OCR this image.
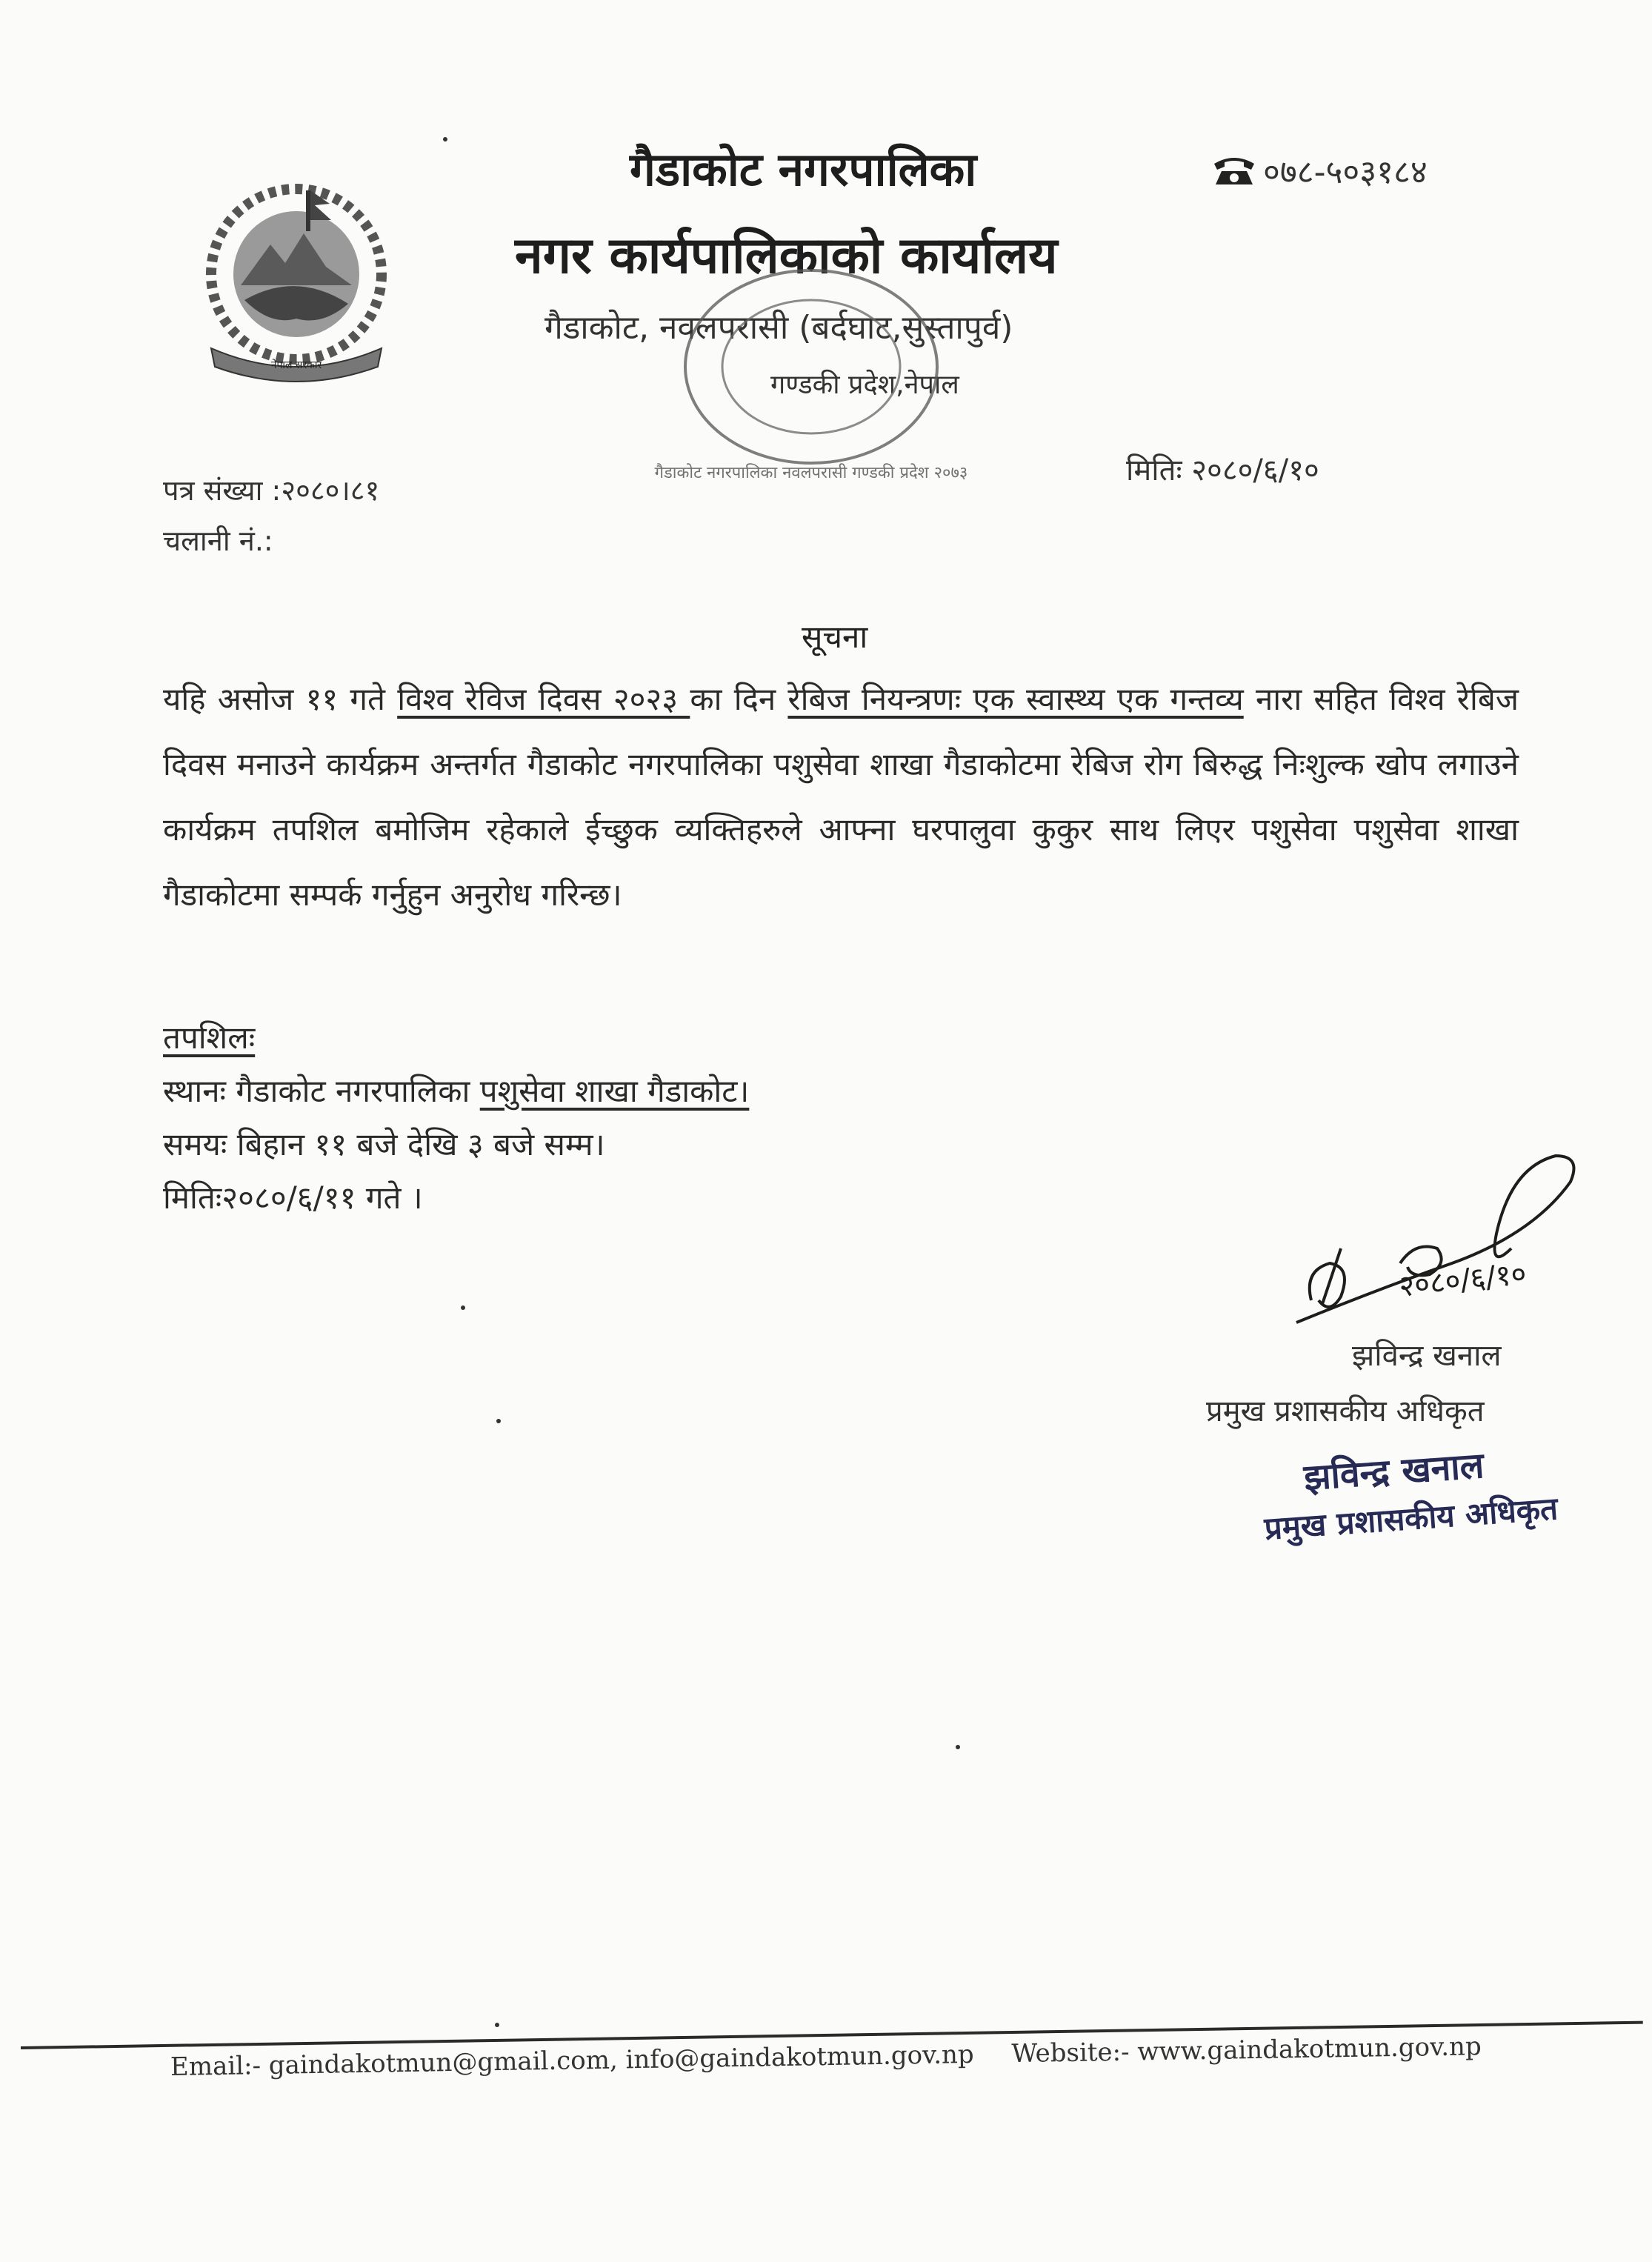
नेपाल सरकार
गैडाकोट नगरपालिका
नगर कार्यपालिकाको कार्यालय
गैडाकोट, नवलपरासी (बर्दघाट,सुस्तापुर्व)
गण्डकी प्रदेश,नेपाल
०७८-५०३१८४
गैडाकोट नगरपालिका नवलपरासी गण्डकी प्रदेश २०७३
पत्र संख्या :२०८०।८१
चलानी नं.:
मितिः २०८०/६/१०
सूचना
यहि असोज ११ गते विश्व रेविज दिवस २०२३ का दिन रेबिज नियन्त्रणः एक स्वास्थ्य एक गन्तव्य नारा सहित विश्व रेबिज दिवस मनाउने कार्यक्रम अन्तर्गत गैडाकोट नगरपालिका पशुसेवा शाखा गैडाकोटमा रेबिज रोग बिरुद्ध निःशुल्क खोप लगाउने कार्यक्रम तपशिल बमोजिम रहेकाले ईच्छुक व्यक्तिहरुले आफ्ना घरपालुवा कुकुर साथ लिएर पशुसेवा पशुसेवा शाखा गैडाकोटमा सम्पर्क गर्नुहुन अनुरोध गरिन्छ।
तपशिलः
स्थानः गैडाकोट नगरपालिका पशुसेवा शाखा गैडाकोट।
समयः बिहान ११ बजे देखि ३ बजे सम्म।
मितिः२०८०/६/११ गते ।
२०८०/६/१०
झविन्द्र खनाल
प्रमुख प्रशासकीय अधिकृत
झविन्द्र खनाल
प्रमुख प्रशासकीय अधिकृत
Email:- gaindakotmun@gmail.com, info@gaindakotmun.gov.np Website:- www.gaindakotmun.gov.np
